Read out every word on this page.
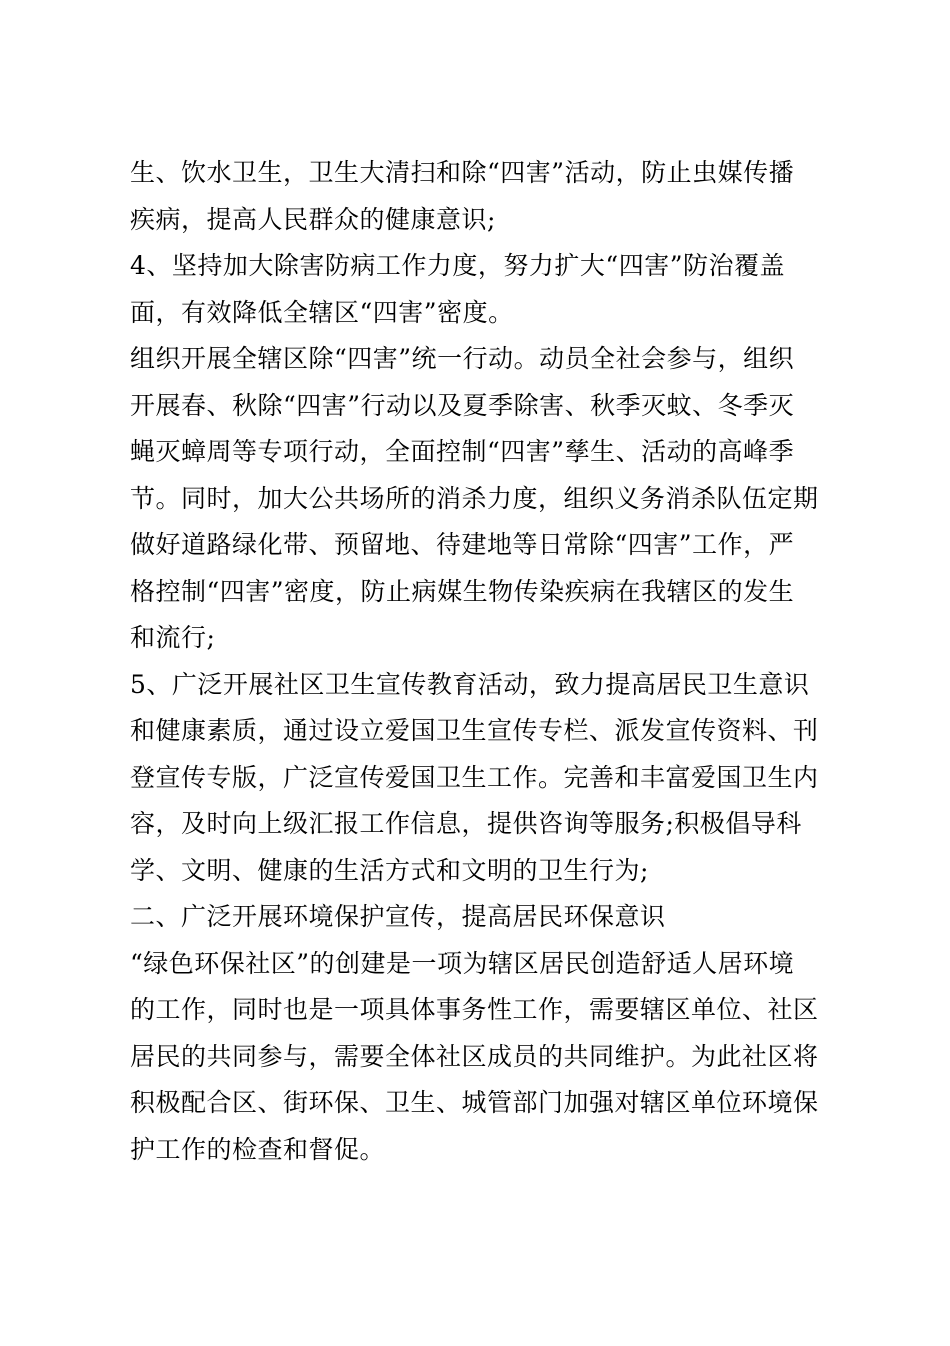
生、饮水卫生，卫生大清扫和除“四害”活动，防止虫媒传播
疾病，提高人民群众的健康意识;
4、坚持加大除害防病工作力度，努力扩大“四害”防治覆盖
面，有效降低全辖区“四害”密度。
组织开展全辖区除“四害”统一行动。动员全社会参与，组织
开展春、秋除“四害”行动以及夏季除害、秋季灭蚊、冬季灭
蝇灭蟑周等专项行动，全面控制“四害”孳生、活动的高峰季
节。同时，加大公共场所的消杀力度，组织义务消杀队伍定期
做好道路绿化带、预留地、待建地等日常除“四害”工作，严
格控制“四害”密度，防止病媒生物传染疾病在我辖区的发生
和流行;
5、广泛开展社区卫生宣传教育活动，致力提高居民卫生意识
和健康素质，通过设立爱国卫生宣传专栏、派发宣传资料、刊
登宣传专版，广泛宣传爱国卫生工作。完善和丰富爱国卫生内
容，及时向上级汇报工作信息，提供咨询等服务;积极倡导科
学、文明、健康的生活方式和文明的卫生行为;
二、广泛开展环境保护宣传，提高居民环保意识
“绿色环保社区”的创建是一项为辖区居民创造舒适人居环境
的工作，同时也是一项具体事务性工作，需要辖区单位、社区
居民的共同参与，需要全体社区成员的共同维护。为此社区将
积极配合区、街环保、卫生、城管部门加强对辖区单位环境保
护工作的检查和督促。
